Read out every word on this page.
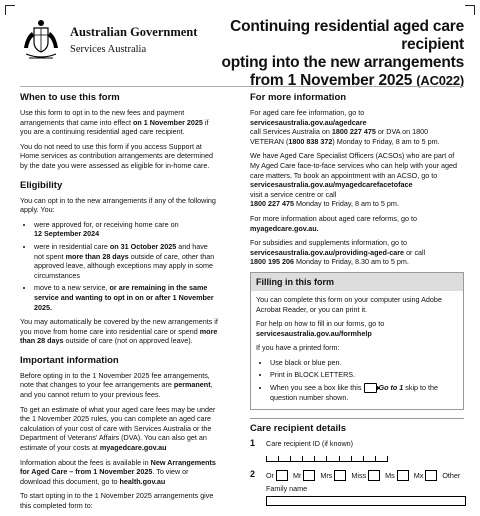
Australian Government
Services Australia
Continuing residential aged care recipient
opting into the new arrangements
from 1 November 2025 (AC022)
When to use this form

Use this form to opt in to the new fees and payment arrangements that came into effect on 1 November 2025 if you are a continuing residential aged care recipient.

You do not need to use this form if you access Support at Home services as contribution arrangements are determined by the date you were assessed as eligible for in-home care.

Eligibility

You can opt in to the new arrangements if any of the following apply. You:

• were approved for, or receiving home care on
12 September 2024
• were in residential care on 31 October 2025 and have not spent more than 28 days outside of care, other than approved leave, although exceptions may apply in some circumstances
• move to a new service, or are remaining in the same service and wanting to opt in on or after 1 November 2025.

You may automatically be covered by the new arrangements if you move from home care into residential care or spend more than 28 days outside of care (not on approved leave).

Important information

Before opting in to the 1 November 2025 fee arrangements, note that changes to your fee arrangements are permanent, and you cannot return to your previous fees.

To get an estimate of what your aged care fees may be under the 1 November 2025 rules, you can complete an aged care calculation of your cost of care with Services Australia or the Department of Veterans' Affairs (DVA). You can also get an estimate of your costs at myagedcare.gov.au

Information about the fees is available in New Arrangements for Aged Care – from 1 November 2025. To view or download this document, go to health.gov.au

To start opting in to the 1 November 2025 arrangements give this completed form to:

For more information

For aged care fee information, go to
servicesaustralia.gov.au/agedcare
call Services Australia on 1800 227 475 or DVA on 1800 VETERAN (1800 838 372) Monday to Friday, 8 am to 5 pm.

We have Aged Care Specialist Officers (ACSOs) who are part of My Aged Care face-to-face services who can help with your aged care matters. To book an appointment with an ACSO, go to
servicesaustralia.gov.au/myagedcarefacetoface
visit a service centre or call
1800 227 475 Monday to Friday, 8 am to 5 pm.

For more information about aged care reforms, go to
myagedcare.gov.au.

For subsidies and supplements information, go to
servicesaustralia.gov.au/providing-aged-care or call
1800 195 206 Monday to Friday, 8.30 am to 5 pm.

Filling in this form

You can complete this form on your computer using Adobe Acrobat Reader, or you can print it.

For help on how to fill in our forms, go to
servicesaustralia.gov.au/formhelp

If you have a printed form:

• Use black or blue pen.
• Print in BLOCK LETTERS.
• When you see a box like this Go to 1 skip to the question number shown.
Care recipient details
1 Care recipient ID (if known)
2 Or	Mr	Mrs	Miss	Ms	Mx	Other
Family name
